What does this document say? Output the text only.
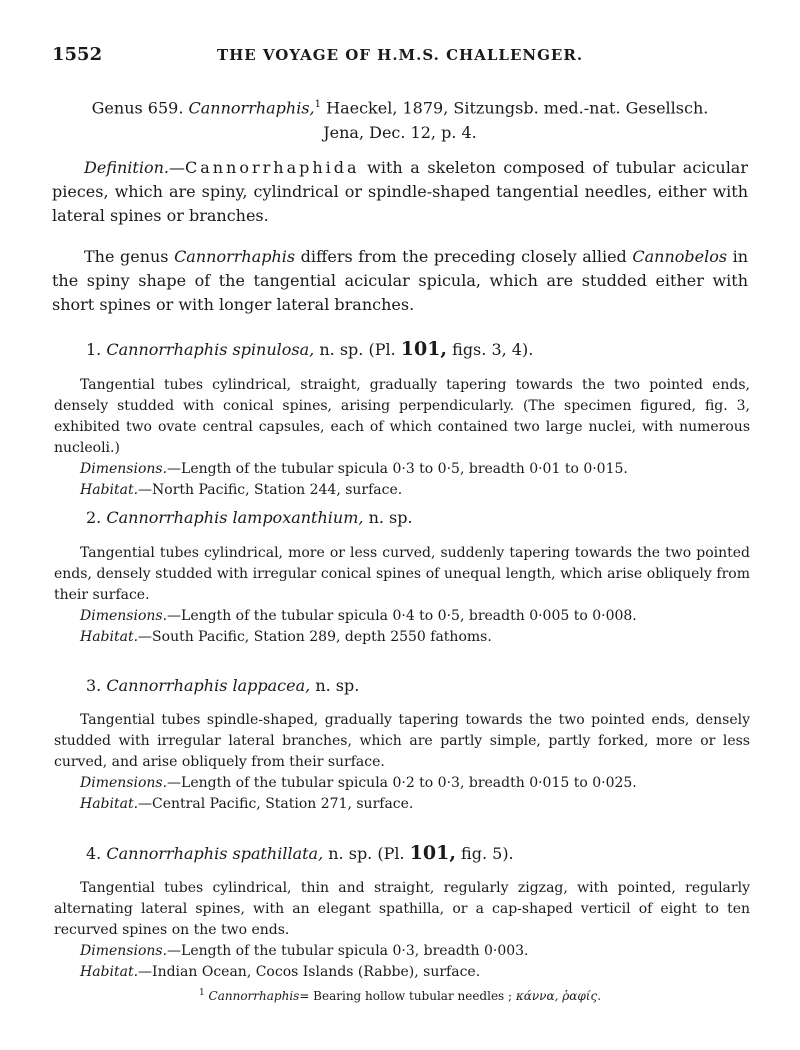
1552	THE VOYAGE OF H.M.S. CHALLENGER.
Genus 659. Cannorrhaphis,$^1$ Haeckel, 1879, Sitzungsb. med.-nat. Gesellsch.
Jena, Dec. 12, p. 4.
Definition.—Cannorrhaphida with a skeleton composed of tubular acicular pieces, which are spiny, cylindrical or spindle-shaped tangential needles, either with lateral spines or branches.
The genus Cannorrhaphis differs from the preceding closely allied Cannobelos in the spiny shape of the tangential acicular spicula, which are studded either with short spines or with longer lateral branches.
1. Cannorrhaphis spinulosa, n. sp. (Pl. 101, figs. 3, 4).
Tangential tubes cylindrical, straight, gradually tapering towards the two pointed ends, densely studded with conical spines, arising perpendicularly. (The specimen figured, fig. 3, exhibited two ovate central capsules, each of which contained two large nuclei, with numerous nucleoli.)
Dimensions.—Length of the tubular spicula 0·3 to 0·5, breadth 0·01 to 0·015.
Habitat.—North Pacific, Station 244, surface.
2. Cannorrhaphis lampoxanthium, n. sp.
Tangential tubes cylindrical, more or less curved, suddenly tapering towards the two pointed ends, densely studded with irregular conical spines of unequal length, which arise obliquely from their surface.
Dimensions.—Length of the tubular spicula 0·4 to 0·5, breadth 0·005 to 0·008.
Habitat.—South Pacific, Station 289, depth 2550 fathoms.
3. Cannorrhaphis lappacea, n. sp.
Tangential tubes spindle-shaped, gradually tapering towards the two pointed ends, densely studded with irregular lateral branches, which are partly simple, partly forked, more or less curved, and arise obliquely from their surface.
Dimensions.—Length of the tubular spicula 0·2 to 0·3, breadth 0·015 to 0·025.
Habitat.—Central Pacific, Station 271, surface.
4. Cannorrhaphis spathillata, n. sp. (Pl. 101, fig. 5).
Tangential tubes cylindrical, thin and straight, regularly zigzag, with pointed, regularly alternating lateral spines, with an elegant spathilla, or a cap-shaped verticil of eight to ten recurved spines on the two ends.
Dimensions.—Length of the tubular spicula 0·3, breadth 0·003.
Habitat.—Indian Ocean, Cocos Islands (Rabbe), surface.
$^1$ Cannorrhaphis= Bearing hollow tubular needles ; κάννα, ῥαφίς.
